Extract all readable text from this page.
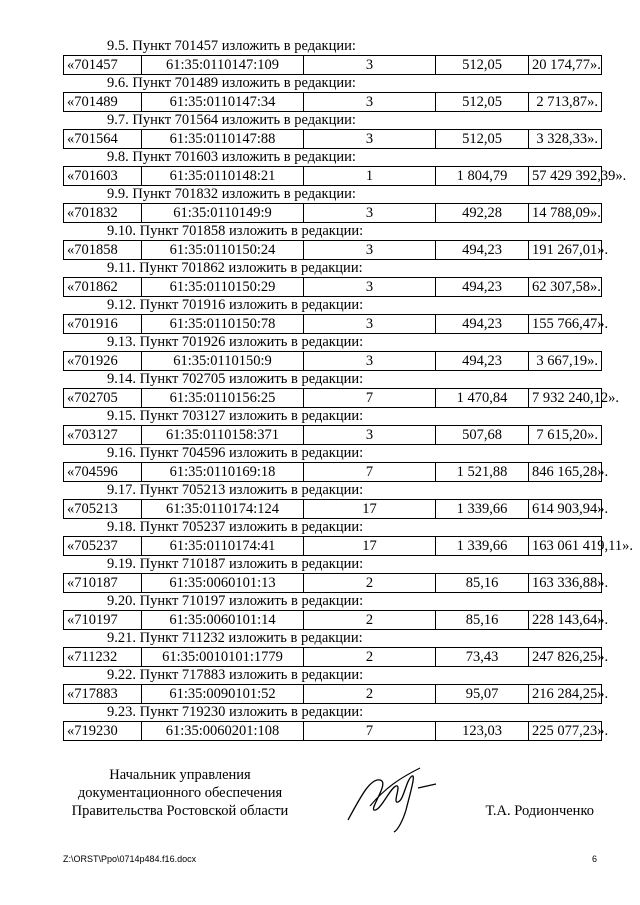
9.5. Пункт 701457 изложить в редакции:
«701457	61:35:0110147:109	3	512,05	20 174,77».
9.6. Пункт 701489 изложить в редакции:
«701489	61:35:0110147:34	3	512,05	2 713,87».
9.7. Пункт 701564 изложить в редакции:
«701564	61:35:0110147:88	3	512,05	3 328,33».
9.8. Пункт 701603 изложить в редакции:
«701603	61:35:0110148:21	1	1 804,79	57 429 392,39».
9.9. Пункт 701832 изложить в редакции:
«701832	61:35:0110149:9	3	492,28	14 788,09».
9.10. Пункт 701858 изложить в редакции:
«701858	61:35:0110150:24	3	494,23	191 267,01».
9.11. Пункт 701862 изложить в редакции:
«701862	61:35:0110150:29	3	494,23	62 307,58».
9.12. Пункт 701916 изложить в редакции:
«701916	61:35:0110150:78	3	494,23	155 766,47».
9.13. Пункт 701926 изложить в редакции:
«701926	61:35:0110150:9	3	494,23	3 667,19».
9.14. Пункт 702705 изложить в редакции:
«702705	61:35:0110156:25	7	1 470,84	7 932 240,12».
9.15. Пункт 703127 изложить в редакции:
«703127	61:35:0110158:371	3	507,68	7 615,20».
9.16. Пункт 704596 изложить в редакции:
«704596	61:35:0110169:18	7	1 521,88	846 165,28».
9.17. Пункт 705213 изложить в редакции:
«705213	61:35:0110174:124	17	1 339,66	614 903,94».
9.18. Пункт 705237 изложить в редакции:
«705237	61:35:0110174:41	17	1 339,66	163 061 419,11».
9.19. Пункт 710187 изложить в редакции:
«710187	61:35:0060101:13	2	85,16	163 336,88».
9.20. Пункт 710197 изложить в редакции:
«710197	61:35:0060101:14	2	85,16	228 143,64».
9.21. Пункт 711232 изложить в редакции:
«711232	61:35:0010101:1779	2	73,43	247 826,25».
9.22. Пункт 717883 изложить в редакции:
«717883	61:35:0090101:52	2	95,07	216 284,25».
9.23. Пункт 719230 изложить в редакции:
«719230	61:35:0060201:108	7	123,03	225 077,23».
Начальник управления
документационного обеспечения
Правительства Ростовской области	Т.А. Родионченко
Z:\ORST\Ppo\0714p484.f16.docx	6
